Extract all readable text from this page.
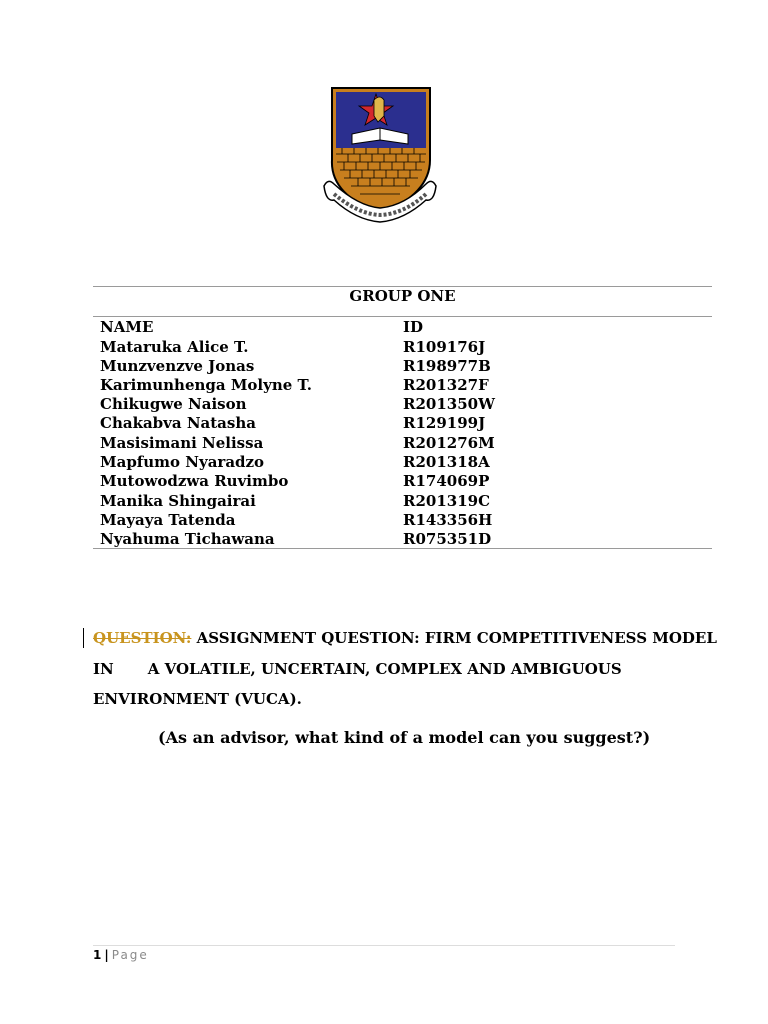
GROUP ONE
NAME	ID
Mataruka Alice T.	R109176J
Munzvenzve Jonas	R198977B
Karimunhenga Molyne T.	R201327F
Chikugwe Naison	R201350W
Chakabva Natasha	R129199J
Masisimani Nelissa	R201276M
Mapfumo Nyaradzo	R201318A
Mutowodzwa Ruvimbo	R174069P
Manika Shingairai	R201319C
Mayaya Tatenda	R143356H
Nyahuma Tichawana	R075351D
QUESTION: ASSIGNMENT QUESTION: FIRM COMPETITIVENESS MODEL
IN A VOLATILE, UNCERTAIN, COMPLEX AND AMBIGUOUS
ENVIRONMENT (VUCA).
(As an advisor, what kind of a model can you suggest?)
1 | Page
